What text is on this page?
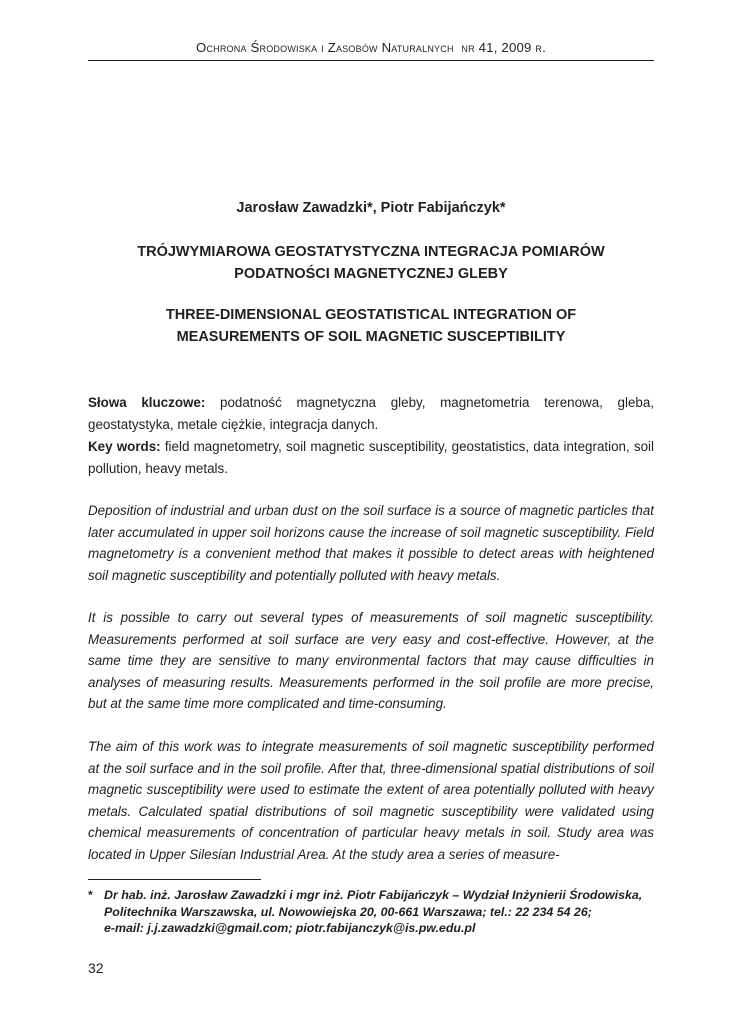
Ochrona Środowiska i Zasobów Naturalnych  nr 41, 2009 r.
Jarosław Zawadzki*, Piotr Fabijańczyk*
TRÓJWYMIAROWA GEOSTATYSTYCZNA INTEGRACJA POMIARÓW
PODATNOŚCI MAGNETYCZNEJ GLEBY
THREE-DIMENSIONAL GEOSTATISTICAL INTEGRATION OF
MEASUREMENTS OF SOIL MAGNETIC SUSCEPTIBILITY
Słowa kluczowe: podatność magnetyczna gleby, magnetometria terenowa, gleba, geostatystyka, metale ciężkie, integracja danych.
Key words: field magnetometry, soil magnetic susceptibility, geostatistics, data integration, soil pollution, heavy metals.

Deposition of industrial and urban dust on the soil surface is a source of magnetic particles that later accumulated in upper soil horizons cause the increase of soil magnetic susceptibility. Field magnetometry is a convenient method that makes it possible to detect areas with heightened soil magnetic susceptibility and potentially polluted with heavy metals.

It is possible to carry out several types of measurements of soil magnetic susceptibility. Measurements performed at soil surface are very easy and cost-effective. However, at the same time they are sensitive to many environmental factors that may cause difficulties in analyses of measuring results. Measurements performed in the soil profile are more precise, but at the same time more complicated and time-consuming.

The aim of this work was to integrate measurements of soil magnetic susceptibility performed at the soil surface and in the soil profile. After that, three-dimensional spatial distributions of soil magnetic susceptibility were used to estimate the extent of area potentially polluted with heavy metals. Calculated spatial distributions of soil magnetic susceptibility were validated using chemical measurements of concentration of particular heavy metals in soil. Study area was located in Upper Silesian Industrial Area. At the study area a series of measure-

* Dr hab. inż. Jarosław Zawadzki i mgr inż. Piotr Fabijańczyk – Wydział Inżynierii Środowiska,
Politechnika Warszawska, ul. Nowowiejska 20, 00-661 Warszawa; tel.: 22 234 54 26;
e-mail: j.j.zawadzki@gmail.com; piotr.fabijanczyk@is.pw.edu.pl
32
